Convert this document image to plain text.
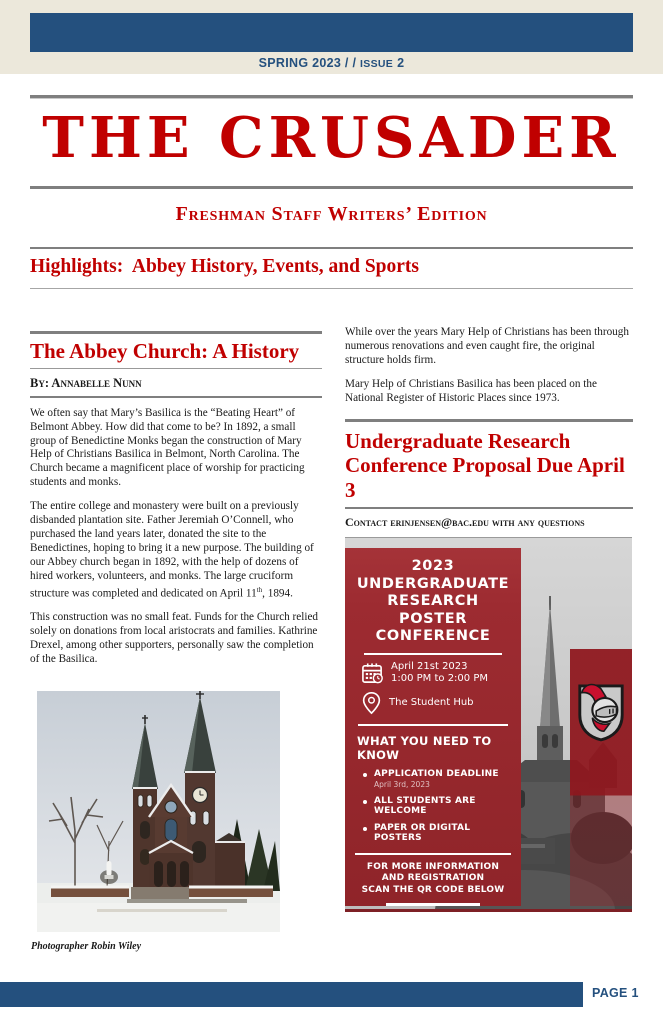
SPRING 2023 / / ISSUE 2
THE CRUSADER
Freshman Staff Writers’ Edition
Highlights:  Abbey History, Events, and Sports
The Abbey Church: A History
By: Annabelle Nunn

We often say that Mary’s Basilica is the “Beating Heart” of Belmont Abbey. How did that come to be? In 1892, a small group of Benedictine Monks began the construction of Mary Help of Christians Basilica in Belmont, North Carolina. The Church became a magnificent place of worship for practicing students and monks.

The entire college and monastery were built on a previously disbanded plantation site. Father Jeremiah O’Connell, who purchased the land years later, donated the site to the Benedictines, hoping to bring it a new purpose. The building of our Abbey church began in 1892, with the help of dozens of hired workers, volunteers, and monks. The large cruciform structure was completed and dedicated on April 11th, 1894.

This construction was no small feat. Funds for the Church relied solely on donations from local aristocrats and families. Kathrine Drexel, among other supporters, personally saw the completion of the Basilica.

Photographer Robin Wiley

While over the years Mary Help of Christians has been through numerous renovations and even caught fire, the original structure holds firm.

Mary Help of Christians Basilica has been placed on the National Register of Historic Places since 1973.

Undergraduate Research Conference Proposal Due April 3
Contact erinjensen@bac.edu with any questions
2023
UNDERGRADUATE
RESEARCH POSTER
CONFERENCE
April 21st 2023
1:00 PM to 2:00 PM
The Student Hub
WHAT YOU NEED TO KNOW
APPLICATION DEADLINE
April 3rd, 2023
ALL STUDENTS ARE WELCOME
PAPER OR DIGITAL POSTERS
FOR MORE INFORMATION AND REGISTRATION
SCAN THE QR CODE BELOW
PAGE 1
